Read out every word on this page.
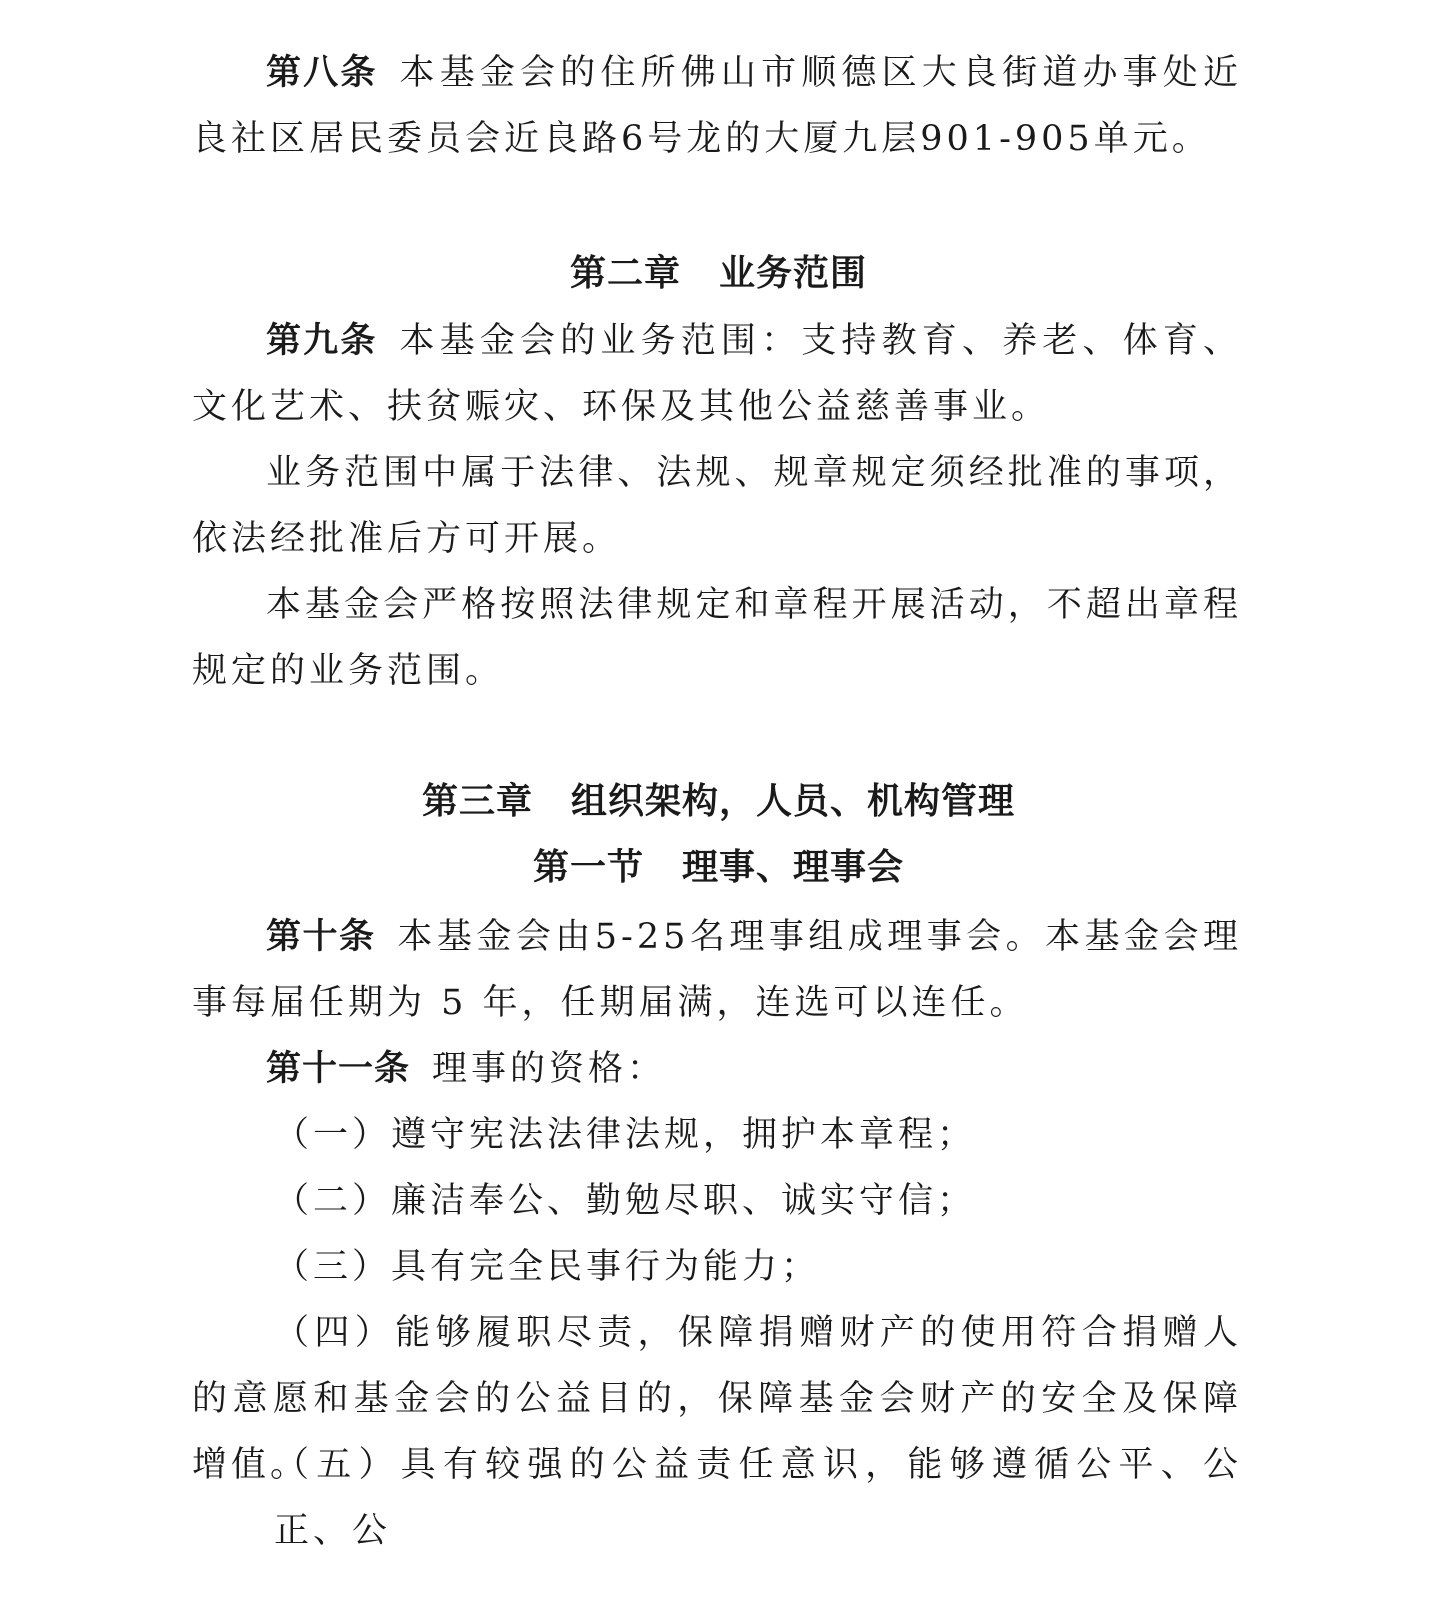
第八条 本基金会的住所佛山市顺德区大良街道办事处近良社区居民委员会近良路6号龙的大厦九层901-905单元。

第二章 业务范围

第九条 本基金会的业务范围：支持教育、养老、体育、文化艺术、扶贫赈灾、环保及其他公益慈善事业。

业务范围中属于法律、法规、规章规定须经批准的事项，依法经批准后方可开展。

本基金会严格按照法律规定和章程开展活动，不超出章程规定的业务范围。

第三章 组织架构，人员、机构管理
第一节 理事、理事会

第十条 本基金会由5-25名理事组成理事会。本基金会理事每届任期为 5 年，任期届满，连选可以连任。

第十一条 理事的资格：

（一）遵守宪法法律法规，拥护本章程；

（二）廉洁奉公、勤勉尽职、诚实守信；

（三）具有完全民事行为能力；

（四）能够履职尽责，保障捐赠财产的使用符合捐赠人的意愿和基金会的公益目的，保障基金会财产的安全及保障增值。

（五）具有较强的公益责任意识，能够遵循公平、公正、公
